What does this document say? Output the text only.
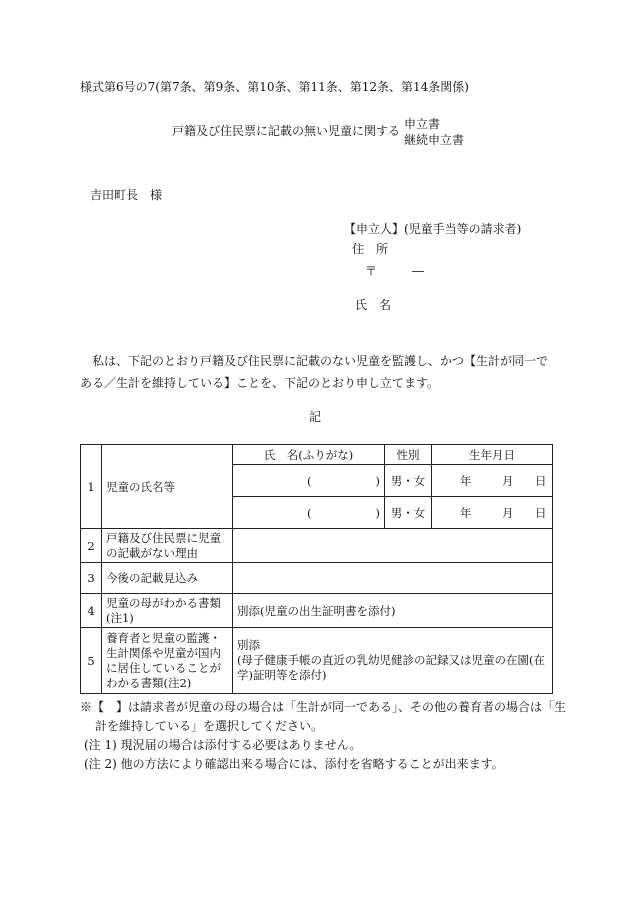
様式第6号の7(第7条、第9条、第10条、第11条、第12条、第14条関係)
戸籍及び住民票に記載の無い児童に関する 申立書
継続申立書
吉田町長　様
【申立人】(児童手当等の請求者)
住　所
〒	―
氏　名
私は、下記のとおり戸籍及び住民票に記載のない児童を監護し、かつ【生計が同一である／生計を維持している】ことを、下記のとおり申し立てます。
記
1	児童の氏名等	氏　名(ふりがな)	性別	生年月日

		( )	男・女	年 月 日

		( )	男・女	年 月 日

2	戸籍及び住民票に児童の記載がない理由			
3	今後の記載見込み			
4	児童の母がわかる書類(注1)	別添(児童の出生証明書を添付)		
5	養育者と児童の監護・生計関係や児童が国内に居住していることがわかる書類(注2)	別添
(母子健康手帳の直近の乳幼児健診の記録又は児童の在園(在学)証明等を添付)		
※【　】は請求者が児童の母の場合は「生計が同一である」、その他の養育者の場合は「生
計を維持している」を選択してください。
(注 1) 現況届の場合は添付する必要はありません。
(注 2) 他の方法により確認出来る場合には、添付を省略することが出来ます。
